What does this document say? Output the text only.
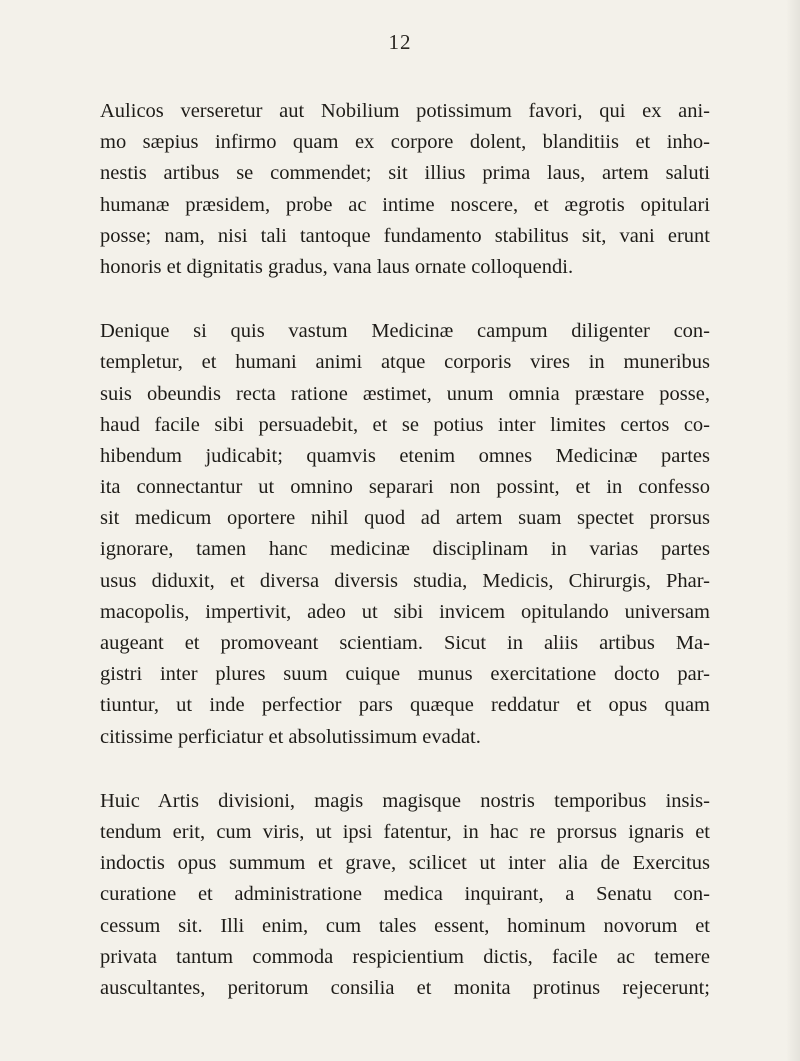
12
Aulicos verseretur aut Nobilium potissimum favori, qui ex ani-
mo sæpius infirmo quam ex corpore dolent, blanditiis et inho-
nestis artibus se commendet; sit illius prima laus, artem saluti
humanæ præsidem, probe ac intime noscere, et ægrotis opitulari
posse; nam, nisi tali tantoque fundamento stabilitus sit, vani erunt
honoris et dignitatis gradus, vana laus ornate colloquendi.
Denique si quis vastum Medicinæ campum diligenter con-
templetur, et humani animi atque corporis vires in muneribus
suis obeundis recta ratione æstimet, unum omnia præstare posse,
haud facile sibi persuadebit, et se potius inter limites certos co-
hibendum judicabit; quamvis etenim omnes Medicinæ partes
ita connectantur ut omnino separari non possint, et in confesso
sit medicum oportere nihil quod ad artem suam spectet prorsus
ignorare, tamen hanc medicinæ disciplinam in varias partes
usus diduxit, et diversa diversis studia, Medicis, Chirurgis, Phar-
macopolis, impertivit, adeo ut sibi invicem opitulando universam
augeant et promoveant scientiam. Sicut in aliis artibus Ma-
gistri inter plures suum cuique munus exercitatione docto par-
tiuntur, ut inde perfectior pars quæque reddatur et opus quam
citissime perficiatur et absolutissimum evadat.
Huic Artis divisioni, magis magisque nostris temporibus insis-
tendum erit, cum viris, ut ipsi fatentur, in hac re prorsus ignaris et
indoctis opus summum et grave, scilicet ut inter alia de Exercitus
curatione et administratione medica inquirant, a Senatu con-
cessum sit. Illi enim, cum tales essent, hominum novorum et
privata tantum commoda respicientium dictis, facile ac temere
auscultantes, peritorum consilia et monita protinus rejecerunt;
